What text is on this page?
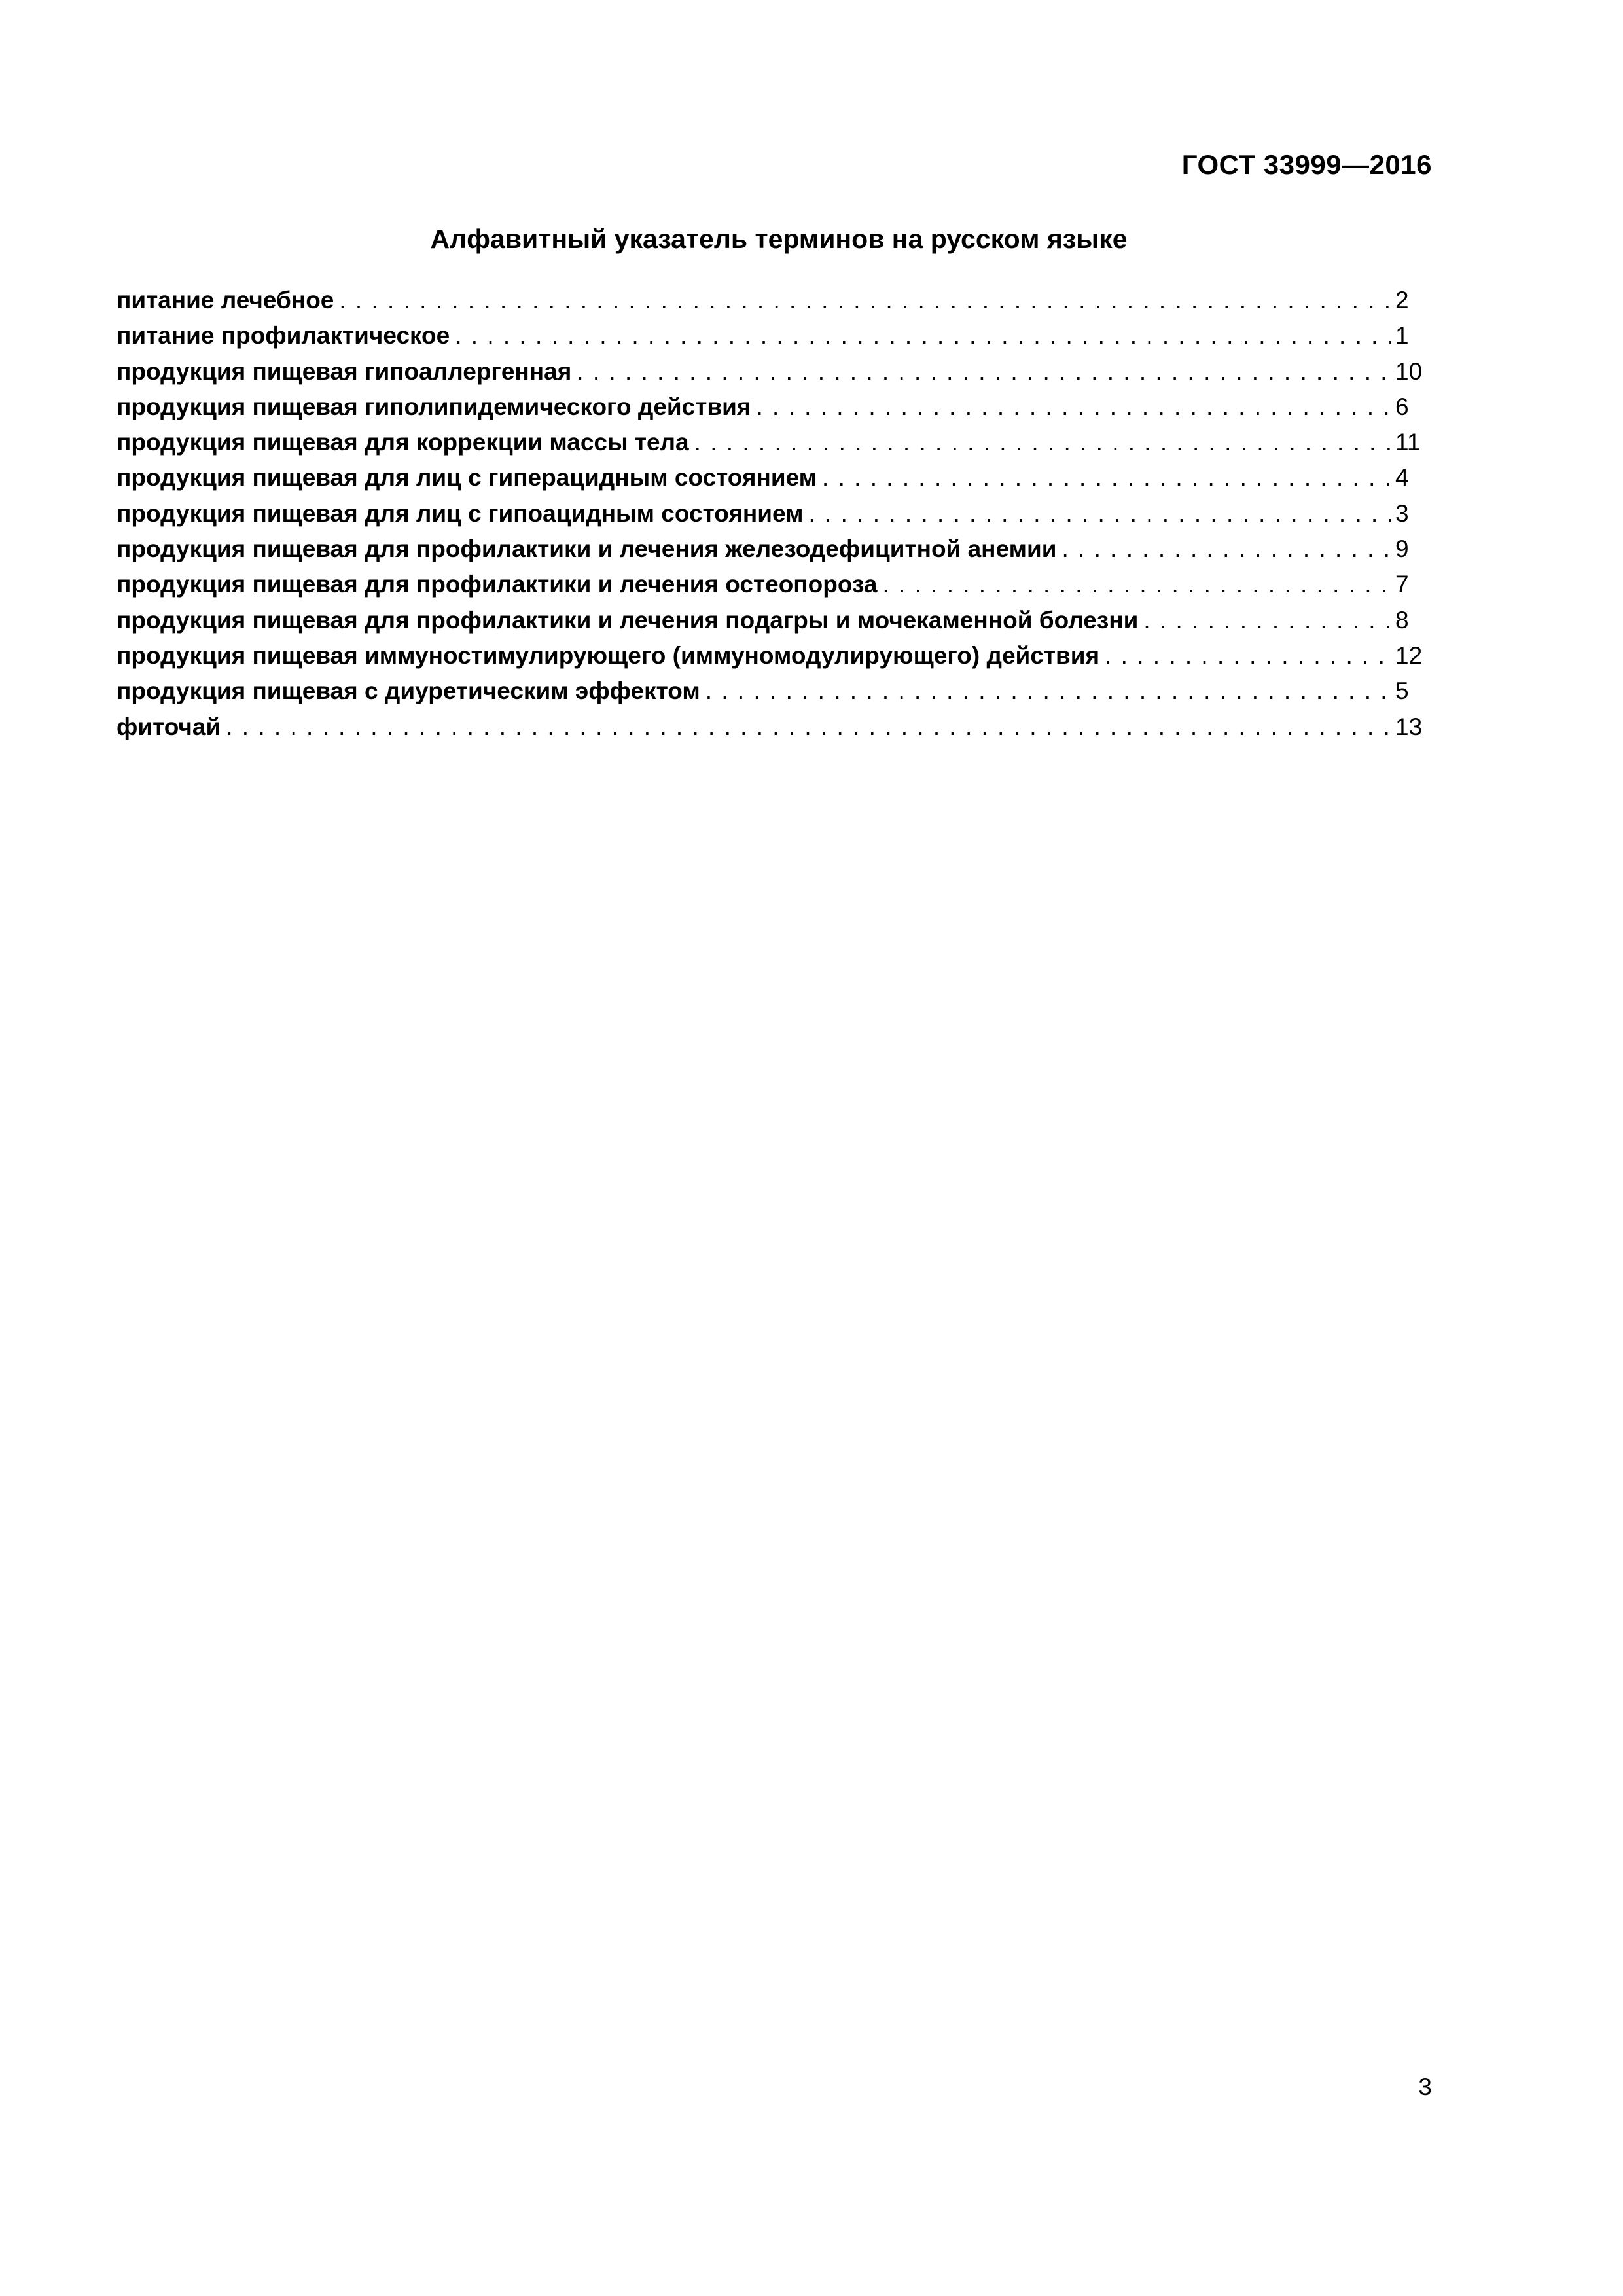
ГОСТ 33999—2016
Алфавитный указатель терминов на русском языке
питание лечебное . . .	2
питание профилактическое . . .	1
продукция пищевая гипоаллергенная . . .	10
продукция пищевая гиполипидемического действия . . .	6
продукция пищевая для коррекции массы тела . . .	11
продукция пищевая для лиц с гиперацидным состоянием . . .	4
продукция пищевая для лиц с гипоацидным состоянием . . .	3
продукция пищевая для профилактики и лечения железодефицитной анемии . . .	9
продукция пищевая для профилактики и лечения остеопороза . . .	7
продукция пищевая для профилактики и лечения подагры и мочекаменной болезни . . .	8
продукция пищевая иммуностимулирующего (иммуномодулирующего) действия . . .	12
продукция пищевая с диуретическим эффектом . . .	5
фиточай . . .	13
3
